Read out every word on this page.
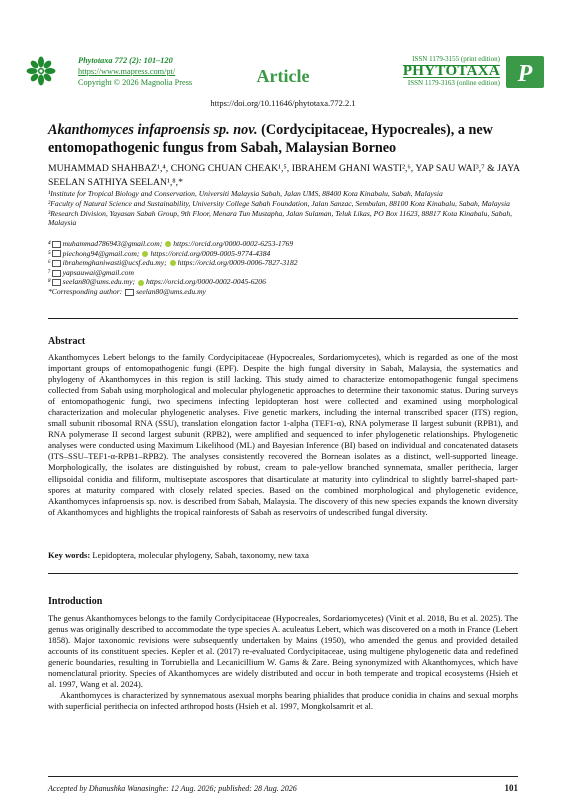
Phytotaxa 772 (2): 101–120
https://www.mapress.com/pt/
Copyright © 2026 Magnolia Press	Article
ISSN 1179-3155 (print edition)
PHYTOTAXA
ISSN 1179-3163 (online edition) P
https://doi.org/10.11646/phytotaxa.772.2.1
Akanthomyces infaproensis sp. nov. (Cordycipitaceae, Hypocreales), a new entomopathogenic fungus from Sabah, Malaysian Borneo
MUHAMMAD SHAHBAZ¹,⁴, CHONG CHUAN CHEAK¹,⁵, IBRAHEM GHANI WASTI²,⁶, YAP SAU WAI³,⁷ & JAYA SEELAN SATHIYA SEELAN¹,⁸,*

¹Institute for Tropical Biology and Conservation, Universiti Malaysia Sabah, Jalan UMS, 88400 Kota Kinabalu, Sabah, Malaysia

²Faculty of Natural Science and Sustainability, University College Sabah Foundation, Jalan Sanzac, Sembulan, 88100 Kota Kinabalu, Sabah, Malaysia

³Research Division, Yayasan Sabah Group, 9th Floor, Menara Tun Mustapha, Jalan Sulaman, Teluk Likas, PO Box 11623, 88817 Kota Kinabalu, Sabah, Malaysia

⁴ muhammad786943@gmail.com; https://orcid.org/0000-0002-6253-1769

⁵ piechong94@gmail.com; https://orcid.org/0009-0005-9774-4384

⁶ ibrahemghaniwasti@ucsf.edu.my; https://orcid.org/0009-0006-7827-3182

⁷ yapsauwai@gmail.com

⁸ seelan80@ums.edu.my; https://orcid.org/0000-0002-0045-6206

*Corresponding author: seelan80@ums.edu.my

Abstract
Akanthomyces Lebert belongs to the family Cordycipitaceae (Hypocreales, Sordariomycetes), which is regarded as one of the most important groups of entomopathogenic fungi (EPF). Despite the high fungal diversity in Sabah, Malaysia, the systematics and phylogeny of Akanthomyces in this region is still lacking. This study aimed to characterize entomopathogenic fungal specimens collected from Sabah using morphological and molecular phylogenetic approaches to determine their taxonomic status. During surveys of entomopathogenic fungi, two specimens infecting lepidopteran host were collected and examined using morphological characterization and molecular phylogenetic analyses. Five genetic markers, including the internal transcribed spacer (ITS) region, small subunit ribosomal RNA (SSU), translation elongation factor 1-alpha (TEF1-α), RNA polymerase II largest subunit (RPB1), and RNA polymerase II second largest subunit (RPB2), were amplified and sequenced to infer phylogenetic relationships. Phylogenetic analyses were conducted using Maximum Likelihood (ML) and Bayesian Inference (BI) based on individual and concatenated datasets (ITS–SSU–TEF1-α-RPB1–RPB2). The analyses consistently recovered the Bornean isolates as a distinct, well-supported lineage. Morphologically, the isolates are distinguished by robust, cream to pale-yellow branched synnemata, smaller perithecia, larger ellipsoidal conidia and filiform, multiseptate ascospores that disarticulate at maturity into cylindrical to slightly barrel-shaped part-spores at maturity compared with closely related species. Based on the combined morphological and phylogenetic evidence, Akanthomyces infaproensis sp. nov. is described from Sabah, Malaysia. The discovery of this new species expands the known diversity of Akanthomyces and highlights the tropical rainforests of Sabah as reservoirs of undescribed fungal diversity.
Key words: Lepidoptera, molecular phylogeny, Sabah, taxonomy, new taxa
Introduction

The genus Akanthomyces belongs to the family Cordycipitaceae (Hypocreales, Sordariomycetes) (Vinit et al. 2018, Bu et al. 2025). The genus was originally described to accommodate the type species A. aculeatus Lebert, which was discovered on a moth in France (Lebert 1858). Major taxonomic revisions were subsequently undertaken by Mains (1950), who amended the genus and provided detailed accounts of its constituent species. Kepler et al. (2017) re-evaluated Cordycipitaceae, using multigene phylogenetic data and redefined generic boundaries, resulting in Torrubiella and Lecanicillium W. Gams & Zare. Being synonymized with Akanthomyces, which have nomenclatural priority. Species of Akanthomyces are widely distributed and occur in both temperate and tropical ecosystems (Hsieh et al. 1997, Wang et al. 2024).

Akanthomyces is characterized by synnematous asexual morphs bearing phialides that produce conidia in chains and sexual morphs with superficial perithecia on infected arthropod hosts (Hsieh et al. 1997, Mongkolsamrit et al.

Accepted by Dhanushka Wanasinghe: 12 Aug. 2026; published: 28 Aug. 2026	101
